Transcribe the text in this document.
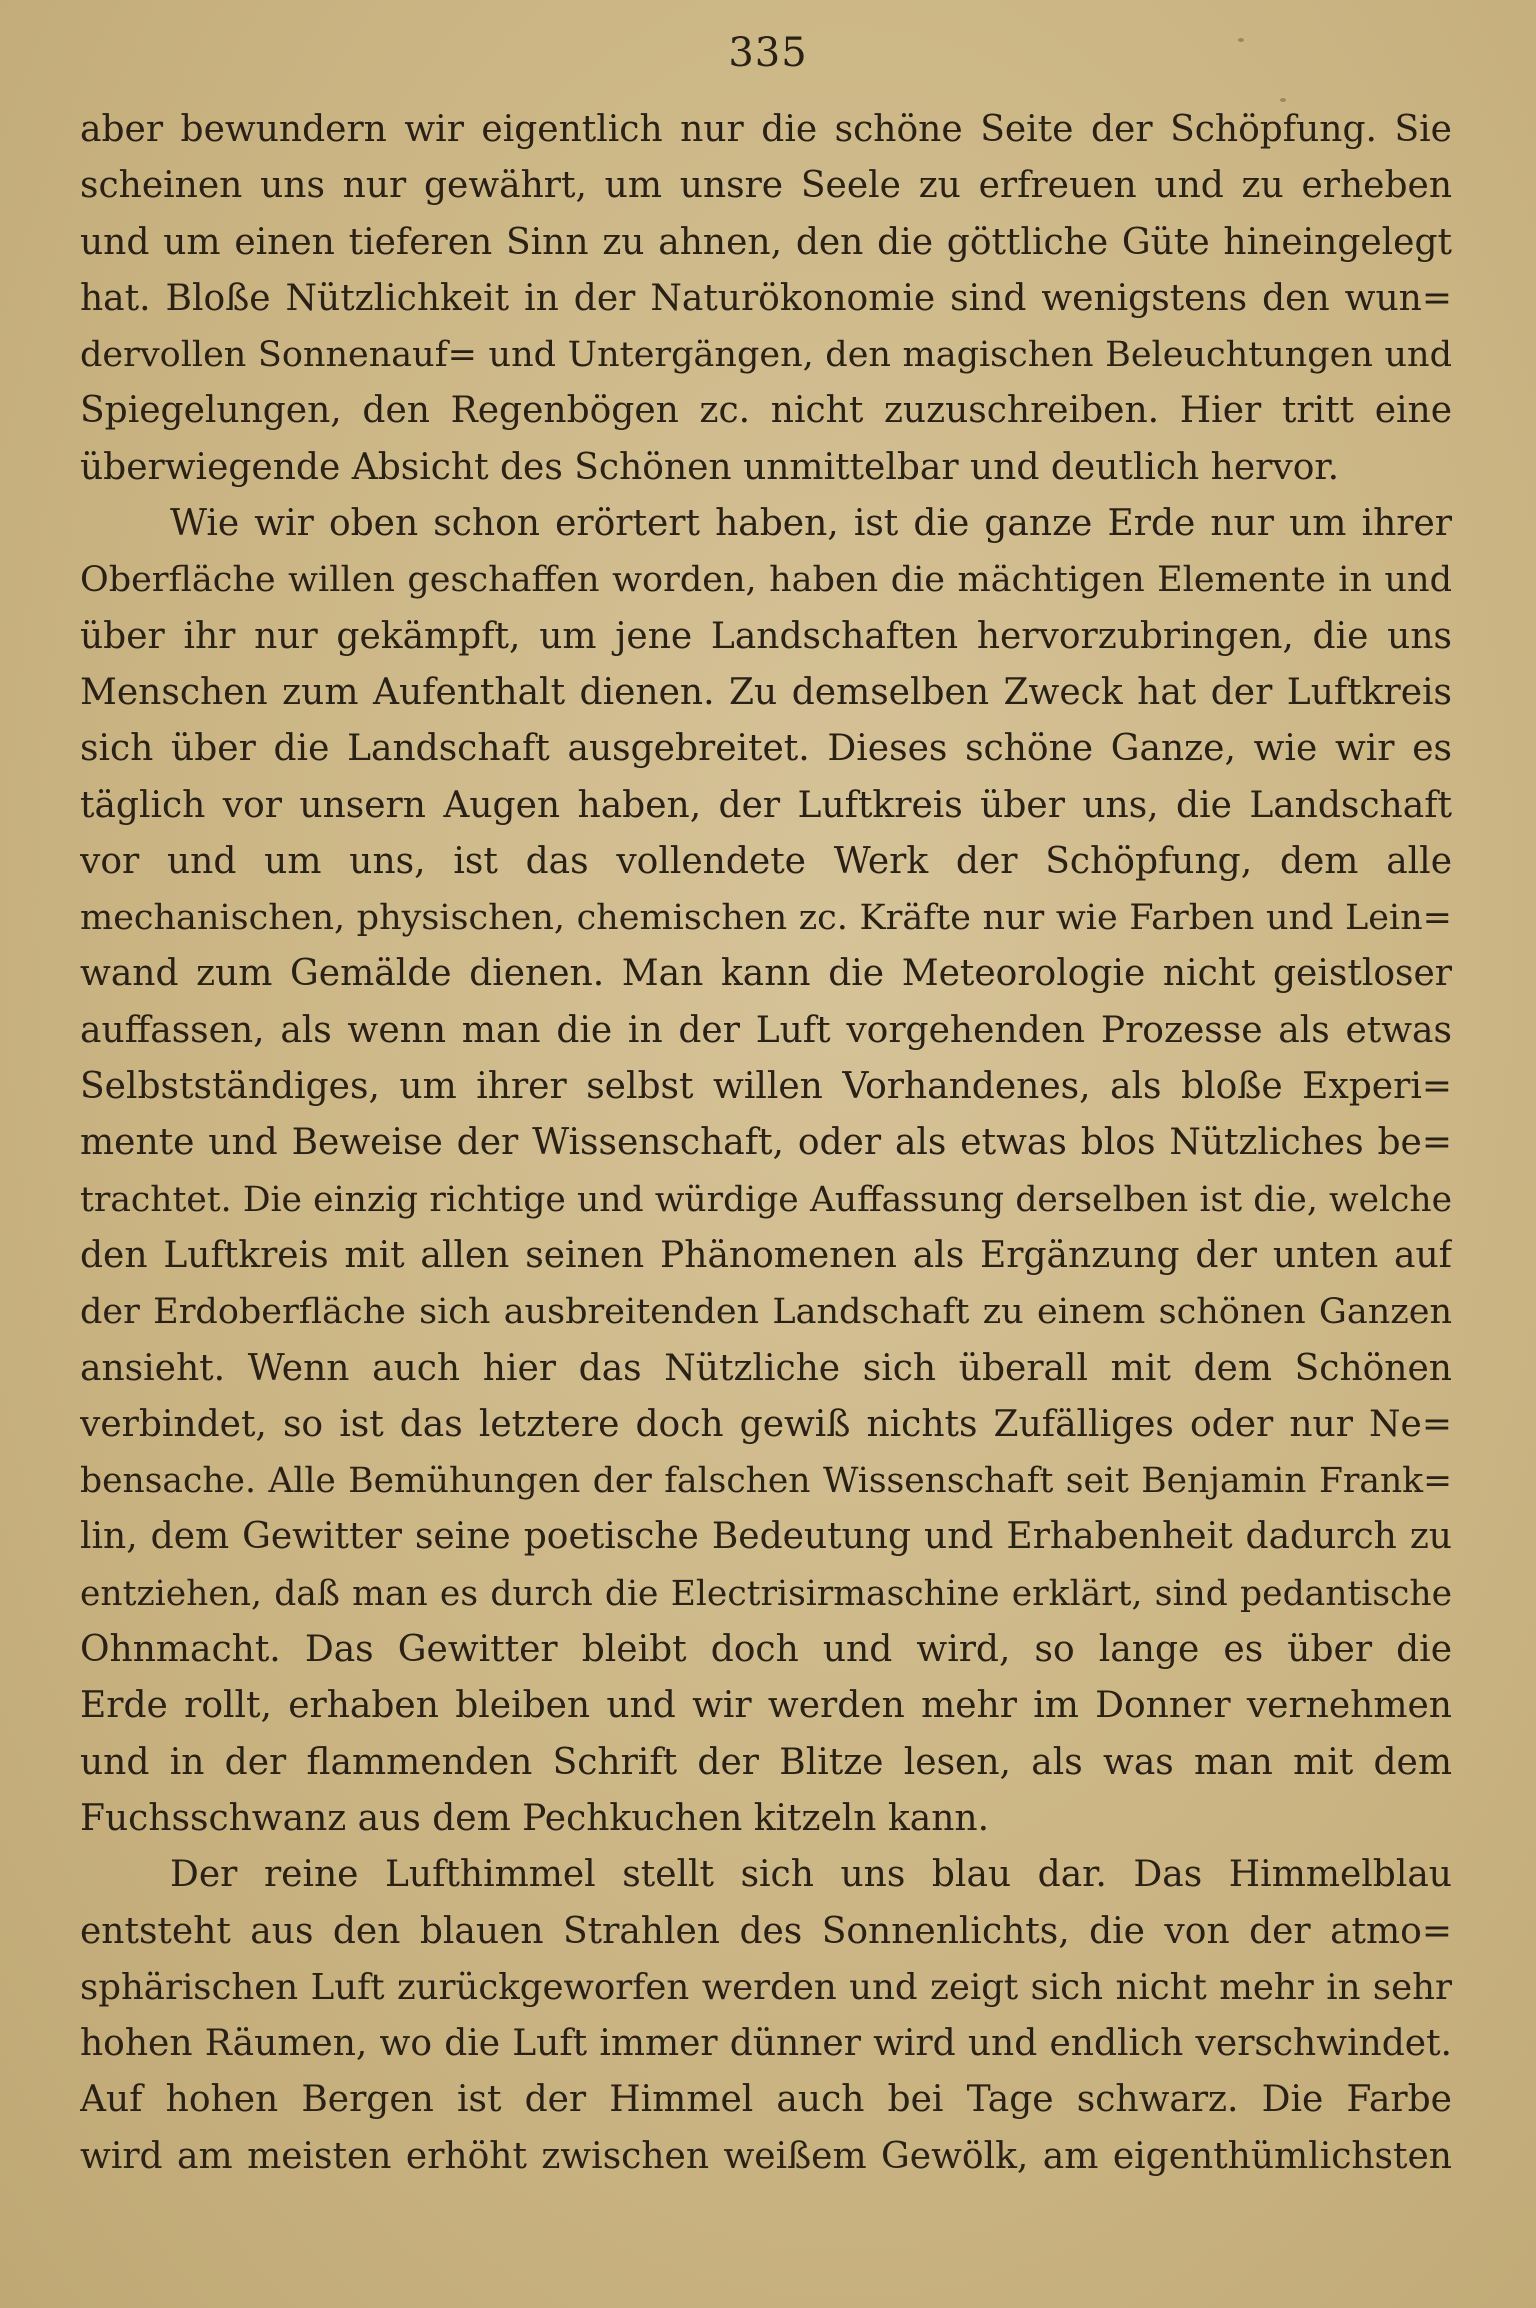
335
aber bewundern wir eigentlich nur die schöne Seite der Schöpfung. Sie
scheinen uns nur gewährt, um unsre Seele zu erfreuen und zu erheben
und um einen tieferen Sinn zu ahnen, den die göttliche Güte hineingelegt
hat. Bloße Nützlichkeit in der Naturökonomie sind wenigstens den wun=
dervollen Sonnenauf= und Untergängen, den magischen Beleuchtungen und
Spiegelungen, den Regenbögen zc. nicht zuzuschreiben. Hier tritt eine
überwiegende Absicht des Schönen unmittelbar und deutlich hervor.
Wie wir oben schon erörtert haben, ist die ganze Erde nur um ihrer
Oberfläche willen geschaffen worden, haben die mächtigen Elemente in und
über ihr nur gekämpft, um jene Landschaften hervorzubringen, die uns
Menschen zum Aufenthalt dienen. Zu demselben Zweck hat der Luftkreis
sich über die Landschaft ausgebreitet. Dieses schöne Ganze, wie wir es
täglich vor unsern Augen haben, der Luftkreis über uns, die Landschaft
vor und um uns, ist das vollendete Werk der Schöpfung, dem alle
mechanischen, physischen, chemischen zc. Kräfte nur wie Farben und Lein=
wand zum Gemälde dienen. Man kann die Meteorologie nicht geistloser
auffassen, als wenn man die in der Luft vorgehenden Prozesse als etwas
Selbstständiges, um ihrer selbst willen Vorhandenes, als bloße Experi=
mente und Beweise der Wissenschaft, oder als etwas blos Nützliches be=
trachtet. Die einzig richtige und würdige Auffassung derselben ist die, welche
den Luftkreis mit allen seinen Phänomenen als Ergänzung der unten auf
der Erdoberfläche sich ausbreitenden Landschaft zu einem schönen Ganzen
ansieht. Wenn auch hier das Nützliche sich überall mit dem Schönen
verbindet, so ist das letztere doch gewiß nichts Zufälliges oder nur Ne=
bensache. Alle Bemühungen der falschen Wissenschaft seit Benjamin Frank=
lin, dem Gewitter seine poetische Bedeutung und Erhabenheit dadurch zu
entziehen, daß man es durch die Electrisirmaschine erklärt, sind pedantische
Ohnmacht. Das Gewitter bleibt doch und wird, so lange es über die
Erde rollt, erhaben bleiben und wir werden mehr im Donner vernehmen
und in der flammenden Schrift der Blitze lesen, als was man mit dem
Fuchsschwanz aus dem Pechkuchen kitzeln kann.
Der reine Lufthimmel stellt sich uns blau dar. Das Himmelblau
entsteht aus den blauen Strahlen des Sonnenlichts, die von der atmo=
sphärischen Luft zurückgeworfen werden und zeigt sich nicht mehr in sehr
hohen Räumen, wo die Luft immer dünner wird und endlich verschwindet.
Auf hohen Bergen ist der Himmel auch bei Tage schwarz. Die Farbe
wird am meisten erhöht zwischen weißem Gewölk, am eigenthümlichsten
